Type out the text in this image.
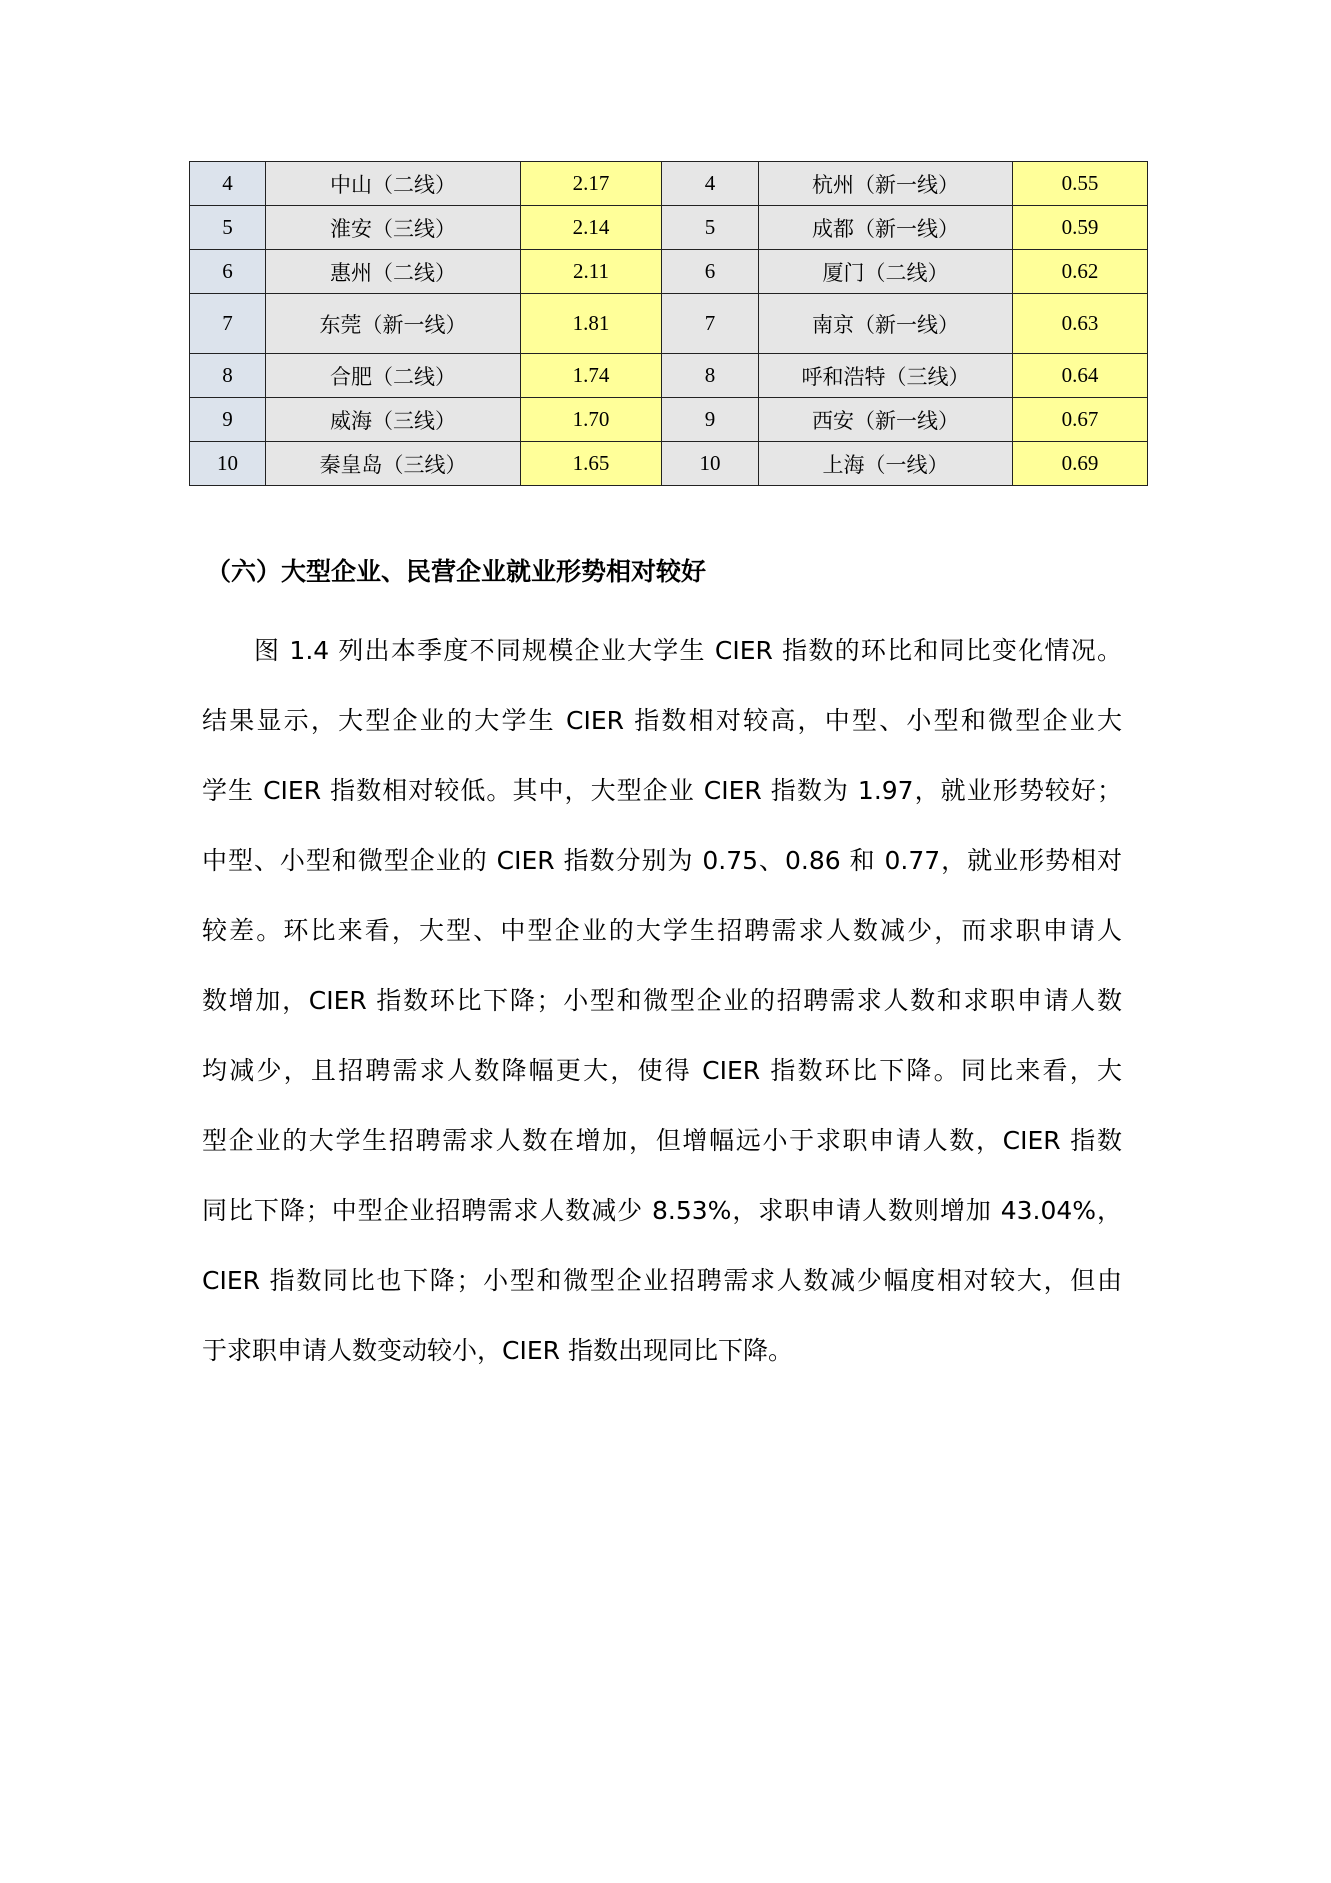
4	中山（二线）	2.17	4	杭州（新一线）	0.55
5	淮安（三线）	2.14	5	成都（新一线）	0.59
6	惠州（二线）	2.11	6	厦门（二线）	0.62
7	东莞（新一线）	1.81	7	南京（新一线）	0.63
8	合肥（二线）	1.74	8	呼和浩特（三线）	0.64
9	威海（三线）	1.70	9	西安（新一线）	0.67
10	秦皇岛（三线）	1.65	10	上海（一线）	0.69
（六）大型企业、民营企业就业形势相对较好
图 1.4 列出本季度不同规模企业大学生 CIER 指数的环比和同比变化情况。
结果显示，大型企业的大学生 CIER 指数相对较高，中型、小型和微型企业大
学生 CIER 指数相对较低。其中，大型企业 CIER 指数为 1.97，就业形势较好；
中型、小型和微型企业的 CIER 指数分别为 0.75、0.86 和 0.77，就业形势相对
较差。环比来看，大型、中型企业的大学生招聘需求人数减少，而求职申请人
数增加，CIER 指数环比下降；小型和微型企业的招聘需求人数和求职申请人数
均减少，且招聘需求人数降幅更大，使得 CIER 指数环比下降。同比来看，大
型企业的大学生招聘需求人数在增加，但增幅远小于求职申请人数，CIER 指数
同比下降；中型企业招聘需求人数减少 8.53%，求职申请人数则增加 43.04%，
CIER 指数同比也下降；小型和微型企业招聘需求人数减少幅度相对较大，但由
于求职申请人数变动较小，CIER 指数出现同比下降。
